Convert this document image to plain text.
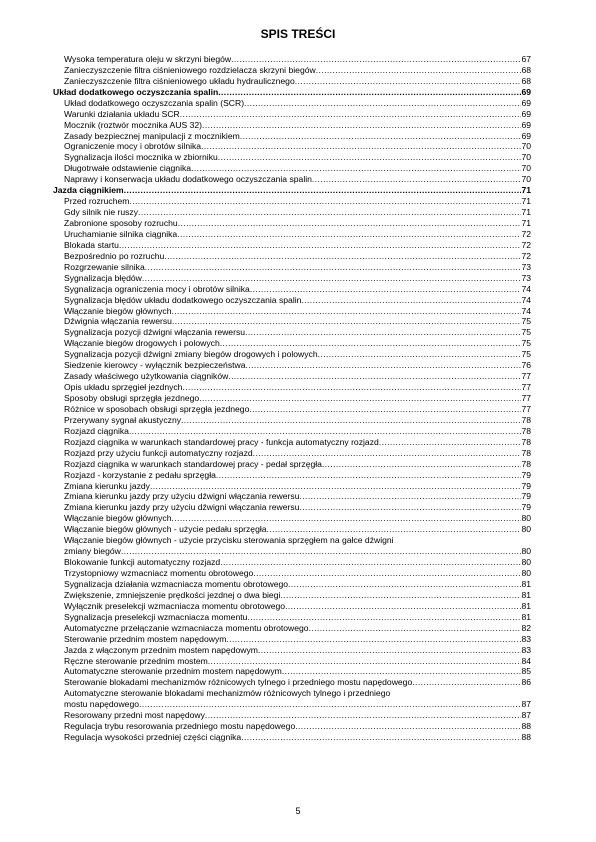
SPIS TREŚCI
Wysoka temperatura oleju w skrzyni biegów .....	67
Zanieczyszczenie filtra ciśnieniowego rozdzielacza skrzyni biegów .....	68
Zanieczyszczenie filtra ciśnieniowego układu hydraulicznego .....	68
Układ dodatkowego oczyszczania spalin .....	69
Układ dodatkowego oczyszczania spalin (SCR) .....	69
Warunki działania układu SCR .....	69
Mocznik (roztwór mocznika AUS 32) .....	69
Zasady bezpiecznej manipulacji z mocznikiem .....	69
Ograniczenie mocy i obrotów silnika .....	70
Sygnalizacja ilości mocznika w zbiorniku .....	70
Długotrwałe odstawienie ciągnika .....	70
Naprawy i konserwacja układu dodatkowego oczyszczania spalin .....	70
Jazda ciągnikiem .....	71
Przed rozruchem .....	71
Gdy silnik nie ruszy .....	71
Zabronione sposoby rozruchu .....	71
Uruchamianie silnika ciągnika .....	72
Blokada startu .....	72
Bezpośrednio po rozruchu .....	72
Rozgrzewanie silnika .....	73
Sygnalizacja błędów .....	73
Sygnalizacja ograniczenia mocy i obrotów silnika .....	74
Sygnalizacja błędów układu dodatkowego oczyszczania spalin .....	74
Włączanie biegów głównych .....	74
Dźwignia włączania rewersu .....	75
Sygnalizacja pozycji dźwigni włączania rewersu .....	75
Włączanie biegów drogowych i polowych .....	75
Sygnalizacja pozycji dźwigni zmiany biegów drogowych i polowych .....	75
Siedzenie kierowcy - wyłącznik bezpieczeństwa .....	76
Zasady właściwego użytkowania ciągników .....	77
Opis układu sprzęgieł jezdnych .....	77
Sposoby obsługi sprzęgła jezdnego .....	77
Różnice w sposobach obsługi sprzęgła jezdnego .....	77
Przerywany sygnał akustyczny .....	78
Rozjazd ciągnika .....	78
Rozjazd ciągnika w warunkach standardowej pracy - funkcja automatyczny rozjazd .....	78
Rozjazd przy użyciu funkcji automatyczny rozjazd .....	78
Rozjazd ciągnika w warunkach standardowej pracy - pedał sprzęgła .....	78
Rozjazd - korzystanie z pedału sprzęgła .....	79
Zmiana kierunku jazdy .....	79
Zmiana kierunku jazdy przy użyciu dźwigni włączania rewersu .....	79
Zmiana kierunku jazdy przy użyciu dźwigni włączania rewersu .....	79
Włączanie biegów głównych .....	80
Włączanie biegów głównych - użycie pedału sprzęgła .....	80
Włączanie biegów głównych - użycie przycisku sterowania sprzęgłem na gałce dźwigni
zmiany biegów .....	80
Blokowanie funkcji automatyczny rozjazd .....	80
Trzystopniowy wzmacniacz momentu obrotowego .....	80
Sygnalizacja działania wzmacniacza momentu obrotowego .....	81
Zwiększenie, zmniejszenie prędkości jezdnej o dwa biegi .....	81
Wyłącznik preselekcji wzmacniacza momentu obrotowego .....	81
Sygnalizacja preselekcji wzmacniacza momentu .....	81
Automatyczne przełączanie wzmacniacza momentu obrotowego .....	82
Sterowanie przednim mostem napędowym .....	83
Jazda z włączonym przednim mostem napędowym .....	83
Ręczne sterowanie przednim mostem .....	84
Automatyczne sterowanie przednim mostem napędowym .....	85
Sterowanie blokadami mechanizmów różnicowych tylnego i przedniego mostu napędowego .....	86
Automatyczne sterowanie blokadami mechanizmów różnicowych tylnego i przedniego
mostu napędowego .....	87
Resorowany przedni most napędowy .....	87
Regulacja trybu resorowania przedniego mostu napędowego .....	88
Regulacja wysokości przedniej części ciągnika .....	88
5
